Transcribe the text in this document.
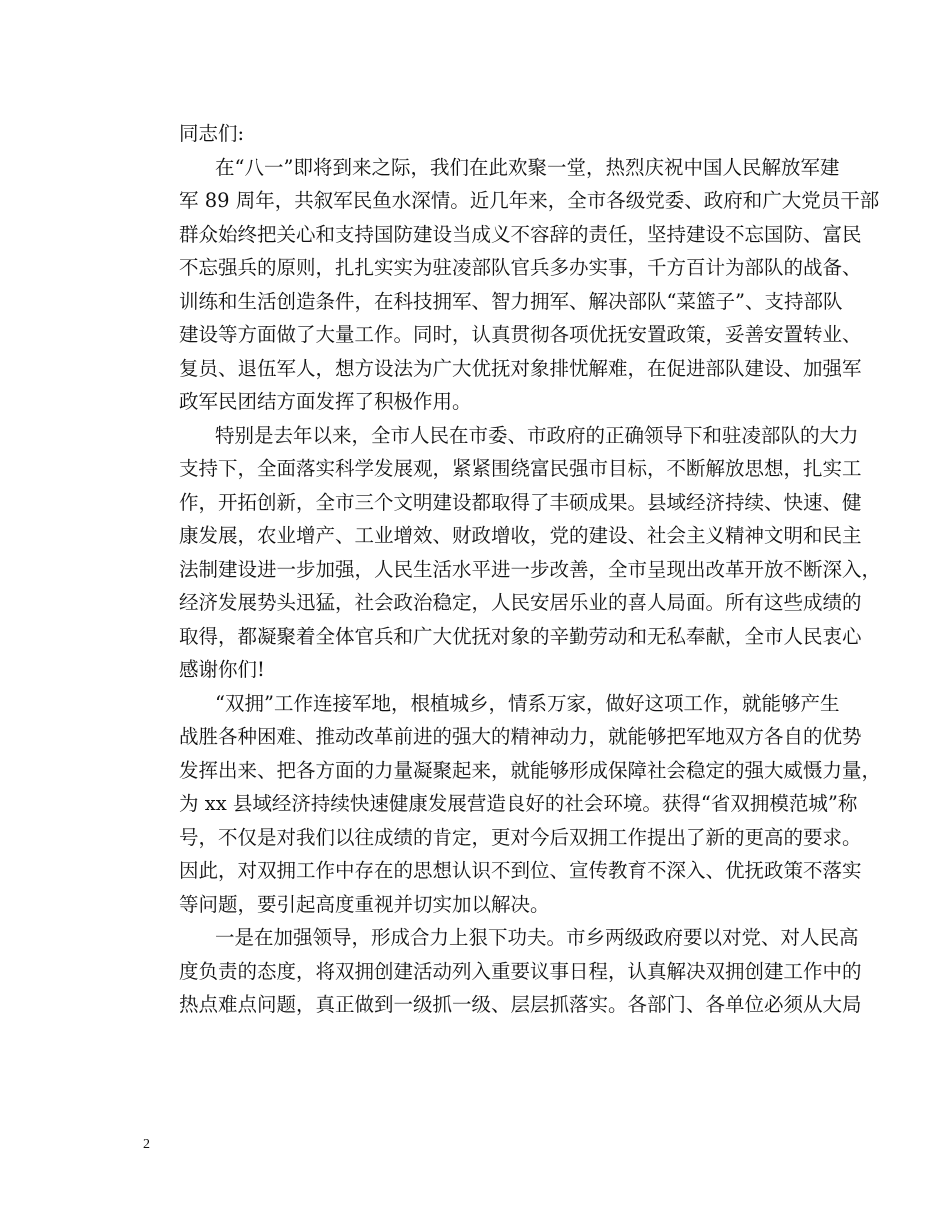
同志们:

在“八一”即将到来之际，我们在此欢聚一堂，热烈庆祝中国人民解放军建
军 89 周年，共叙军民鱼水深情。近几年来，全市各级党委、政府和广大党员干部
群众始终把关心和支持国防建设当成义不容辞的责任，坚持建设不忘国防、富民
不忘强兵的原则，扎扎实实为驻凌部队官兵多办实事，千方百计为部队的战备、
训练和生活创造条件，在科技拥军、智力拥军、解决部队“菜篮子”、支持部队
建设等方面做了大量工作。同时，认真贯彻各项优抚安置政策，妥善安置转业、
复员、退伍军人，想方设法为广大优抚对象排忧解难，在促进部队建设、加强军
政军民团结方面发挥了积极作用。

特别是去年以来，全市人民在市委、市政府的正确领导下和驻凌部队的大力
支持下，全面落实科学发展观，紧紧围绕富民强市目标，不断解放思想，扎实工
作，开拓创新，全市三个文明建设都取得了丰硕成果。县域经济持续、快速、健
康发展，农业增产、工业增效、财政增收，党的建设、社会主义精神文明和民主
法制建设进一步加强，人民生活水平进一步改善，全市呈现出改革开放不断深入，
经济发展势头迅猛，社会政治稳定，人民安居乐业的喜人局面。所有这些成绩的
取得，都凝聚着全体官兵和广大优抚对象的辛勤劳动和无私奉献，全市人民衷心
感谢你们!

“双拥”工作连接军地，根植城乡，情系万家，做好这项工作，就能够产生
战胜各种困难、推动改革前进的强大的精神动力，就能够把军地双方各自的优势
发挥出来、把各方面的力量凝聚起来，就能够形成保障社会稳定的强大威慑力量，
为 xx 县域经济持续快速健康发展营造良好的社会环境。获得“省双拥模范城”称
号，不仅是对我们以往成绩的肯定，更对今后双拥工作提出了新的更高的要求。
因此，对双拥工作中存在的思想认识不到位、宣传教育不深入、优抚政策不落实
等问题，要引起高度重视并切实加以解决。

一是在加强领导，形成合力上狠下功夫。市乡两级政府要以对党、对人民高
度负责的态度，将双拥创建活动列入重要议事日程，认真解决双拥创建工作中的
热点难点问题，真正做到一级抓一级、层层抓落实。各部门、各单位必须从大局

2
